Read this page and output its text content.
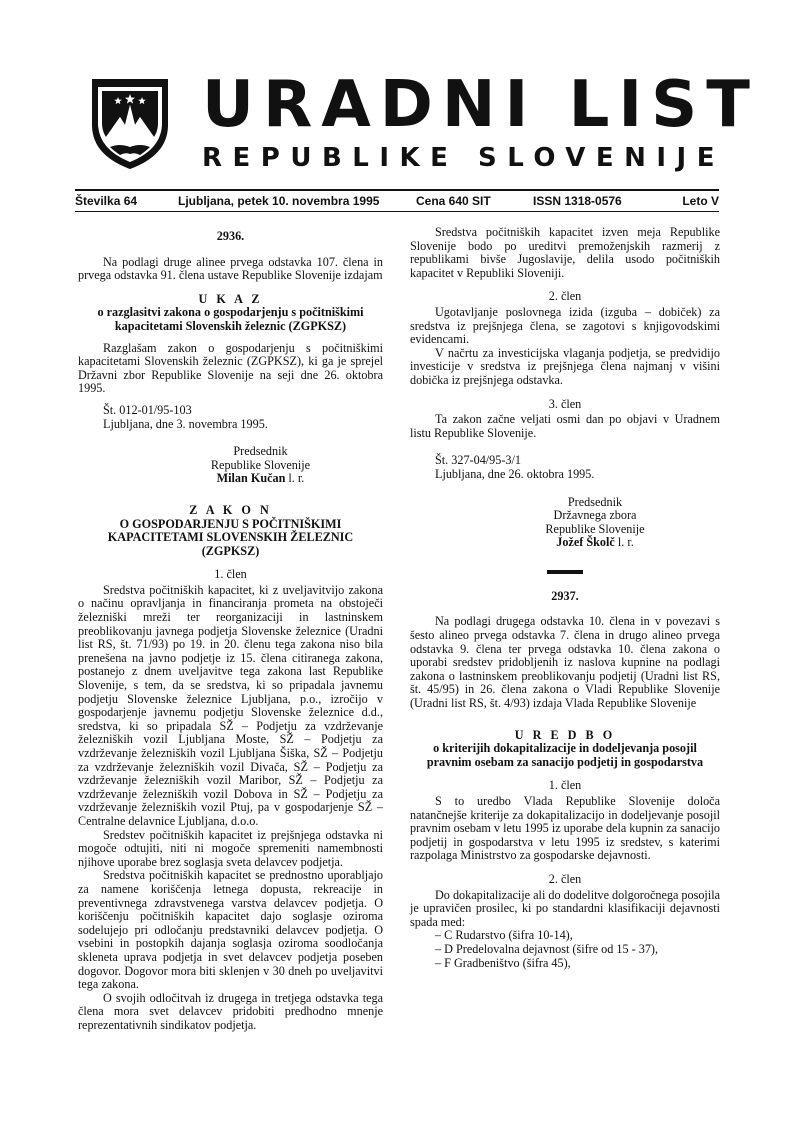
URADNI LIST
REPUBLIKE SLOVENIJE
Številka 64	Ljubljana, petek 10. novembra 1995	Cena 640 SIT	ISSN 1318-0576	Leto V
2936.

Na podlagi druge alinee prvega odstavka 107. člena in prvega odstavka 91. člena ustave Republike Slovenije izdajam

U K A Z
o razglasitvi zakona o gospodarjenju s počitniškimi kapacitetami Slovenskih železnic (ZGPKSZ)

Razglašam zakon o gospodarjenju s počitniškimi kapacitetami Slovenskih železnic (ZGPKSZ), ki ga je sprejel Državni zbor Republike Slovenije na seji dne 26. oktobra 1995.

Št. 012-01/95-103
Ljubljana, dne 3. novembra 1995.
Predsednik
Republike Slovenije
Milan Kučan l. r.
Z A K O N
O GOSPODARJENJU S POČITNIŠKIMI KAPACITETAMI SLOVENSKIH ŽELEZNIC (ZGPKSZ)
1. člen

Sredstva počitniških kapacitet, ki z uveljavitvijo zakona o načinu opravljanja in financiranja prometa na obstoječi železniški mreži ter reorganizaciji in lastninskem preoblikovanju javnega podjetja Slovenske železnice (Uradni list RS, št. 71/93) po 19. in 20. členu tega zakona niso bila prenešena na javno podjetje iz 15. člena citiranega zakona, postanejo z dnem uveljavitve tega zakona last Republike Slovenije, s tem, da se sredstva, ki so pripadala javnemu podjetju Slovenske železnice Ljubljana, p.o., izročijo v gospodarjenje javnemu podjetju Slovenske železnice d.d., sredstva, ki so pripadala SŽ – Podjetju za vzdrževanje železniških vozil Ljubljana Moste, SŽ – Podjetju za vzdrževanje železniških vozil Ljubljana Šiška, SŽ – Podjetju za vzdrževanje železniških vozil Divača, SŽ – Podjetju za vzdrževanje železniških vozil Maribor, SŽ – Podjetju za vzdrževanje železniških vozil Dobova in SŽ – Podjetju za vzdrževanje železniških vozil Ptuj, pa v gospodarjenje SŽ – Centralne delavnice Ljubljana, d.o.o.

Sredstev počitniških kapacitet iz prejšnjega odstavka ni mogoče odtujiti, niti ni mogoče spremeniti namembnosti njihove uporabe brez soglasja sveta delavcev podjetja.

Sredstva počitniških kapacitet se prednostno uporabljajo za namene koriščenja letnega dopusta, rekreacije in preventivnega zdravstvenega varstva delavcev podjetja. O koriščenju počitniških kapacitet dajo soglasje oziroma sodelujejo pri odločanju predstavniki delavcev podjetja. O vsebini in postopkih dajanja soglasja oziroma soodločanja skleneta uprava podjetja in svet delavcev podjetja poseben dogovor. Dogovor mora biti sklenjen v 30 dneh po uveljavitvi tega zakona.

O svojih odločitvah iz drugega in tretjega odstavka tega člena mora svet delavcev pridobiti predhodno mnenje reprezentativnih sindikatov podjetja.

Sredstva počitniških kapacitet izven meja Republike Slovenije bodo po ureditvi premoženjskih razmerij z republikami bivše Jugoslavije, delila usodo počitniških kapacitet v Republiki Sloveniji.

2. člen

Ugotavljanje poslovnega izida (izguba – dobiček) za sredstva iz prejšnjega člena, se zagotovi s knjigovodskimi evidencami.

V načrtu za investicijska vlaganja podjetja, se predvidijo investicije v sredstva iz prejšnjega člena najmanj v višini dobička iz prejšnjega odstavka.

3. člen

Ta zakon začne veljati osmi dan po objavi v Uradnem listu Republike Slovenije.

Št. 327-04/95-3/1
Ljubljana, dne 26. oktobra 1995.
Predsednik
Državnega zbora
Republike Slovenije
Jožef Školč l. r.
2937.

Na podlagi drugega odstavka 10. člena in v povezavi s šesto alineo prvega odstavka 7. člena in drugo alineo prvega odstavka 9. člena ter prvega odstavka 10. člena zakona o uporabi sredstev pridobljenih iz naslova kupnine na podlagi zakona o lastninskem preoblikovanju podjetij (Uradni list RS, št. 45/95) in 26. člena zakona o Vladi Republike Slovenije (Uradni list RS, št. 4/93) izdaja Vlada Republike Slovenije

U R E D B O
o kriterijih dokapitalizacije in dodeljevanja posojil pravnim osebam za sanacijo podjetij in gospodarstva
1. člen

S to uredbo Vlada Republike Slovenije določa natančnejše kriterije za dokapitalizacijo in dodeljevanje posojil pravnim osebam v letu 1995 iz uporabe dela kupnin za sanacijo podjetij in gospodarstva v letu 1995 iz sredstev, s katerimi razpolaga Ministrstvo za gospodarske dejavnosti.

2. člen

Do dokapitalizacije ali do dodelitve dolgoročnega posojila je upravičen prosilec, ki po standardni klasifikaciji dejavnosti spada med:

– C Rudarstvo (šifra 10-14),

– D Predelovalna dejavnost (šifre od 15 - 37),

– F Gradbeništvo (šifra 45),
